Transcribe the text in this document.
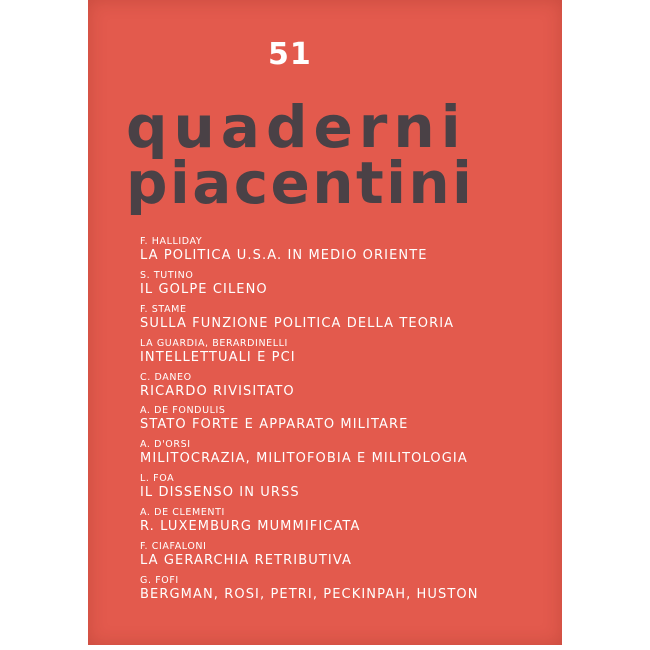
51
quaderni
piacentini
F. HALLIDAY
LA POLITICA U.S.A. IN MEDIO ORIENTE
S. TUTINO
IL GOLPE CILENO
F. STAME
SULLA FUNZIONE POLITICA DELLA TEORIA
LA GUARDIA, BERARDINELLI
INTELLETTUALI E PCI
C. DANEO
RICARDO RIVISITATO
A. DE FONDULIS
STATO FORTE E APPARATO MILITARE
A. D'ORSI
MILITOCRAZIA, MILITOFOBIA E MILITOLOGIA
L. FOA
IL DISSENSO IN URSS
A. DE CLEMENTI
R. LUXEMBURG MUMMIFICATA
F. CIAFALONI
LA GERARCHIA RETRIBUTIVA
G. FOFI
BERGMAN, ROSI, PETRI, PECKINPAH, HUSTON
